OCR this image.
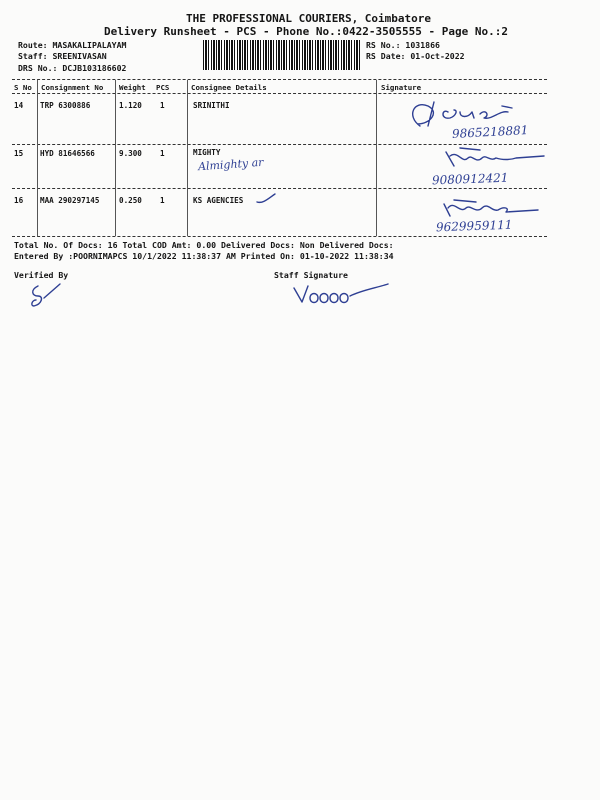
THE PROFESSIONAL COURIERS, Coimbatore
Delivery Runsheet - PCS - Phone No.:0422-3505555 - Page No.:2
Route: MASAKALIPALAYAM
Staff: SREENIVASAN
DRS No.: DCJB103186602
RS No.: 1031866
RS Date: 01-Oct-2022
S No Consignment No Weight PCS	Consignee Details	Signature
14 TRP 6300886	1.120 1	SRINITHI
9865218881
15 HYD 81646566	9.300 1	MIGHTY
Almighty ar
9080912421
16 MAA 290297145	0.250 1	KS AGENCIES
9629959111
Total No. Of Docs: 16 Total COD Amt: 0.00 Delivered Docs: Non Delivered Docs:
Entered By :POORNIMAPCS 10/1/2022 11:38:37 AM Printed On: 01-10-2022 11:38:34
Verified By	Staff Signature
